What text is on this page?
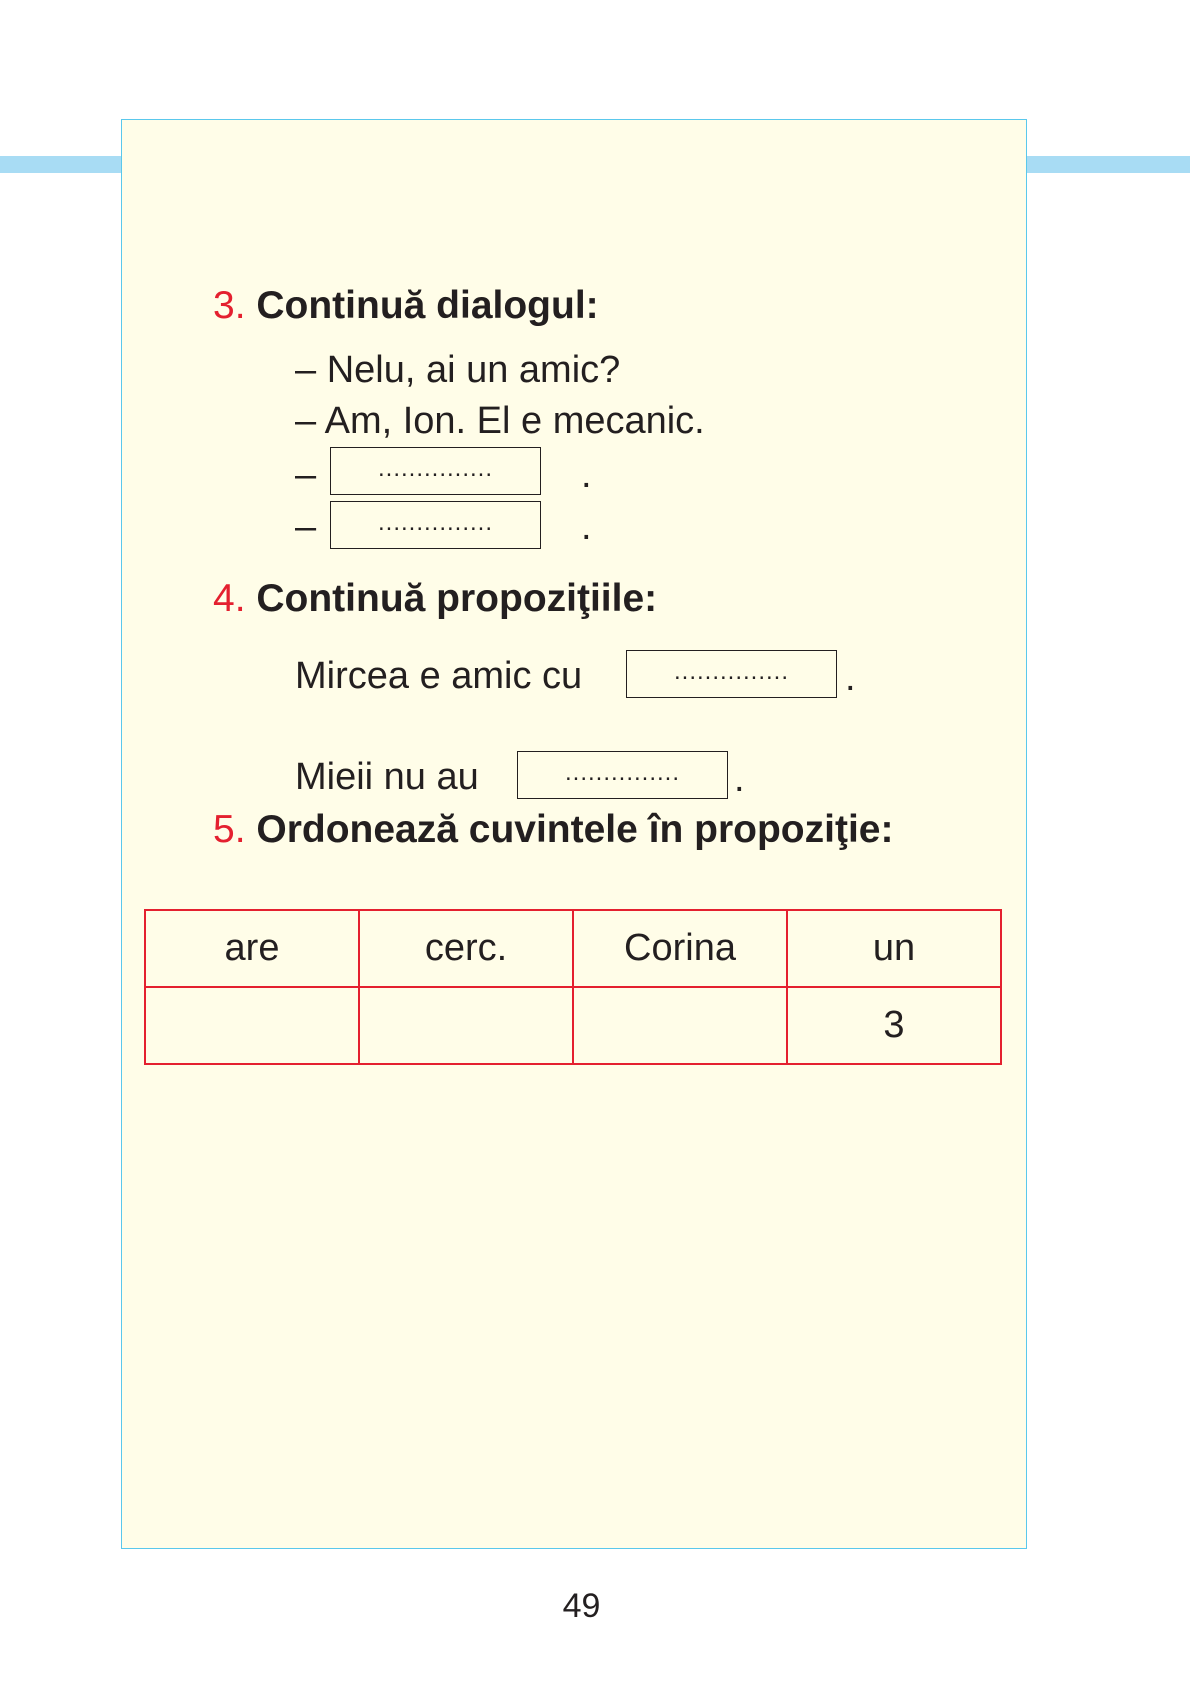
3. Continuă dialogul:
– Nelu, ai un amic?
– Am, Ion. El e mecanic.
–	...............	.
–	...............	.
4. Continuă propoziţiile:
Mircea e amic cu	...............	.
Mieii nu au	...............	.
5. Ordonează cuvintele în propoziţie:
are	cerc.	Corina	un
			3
49
